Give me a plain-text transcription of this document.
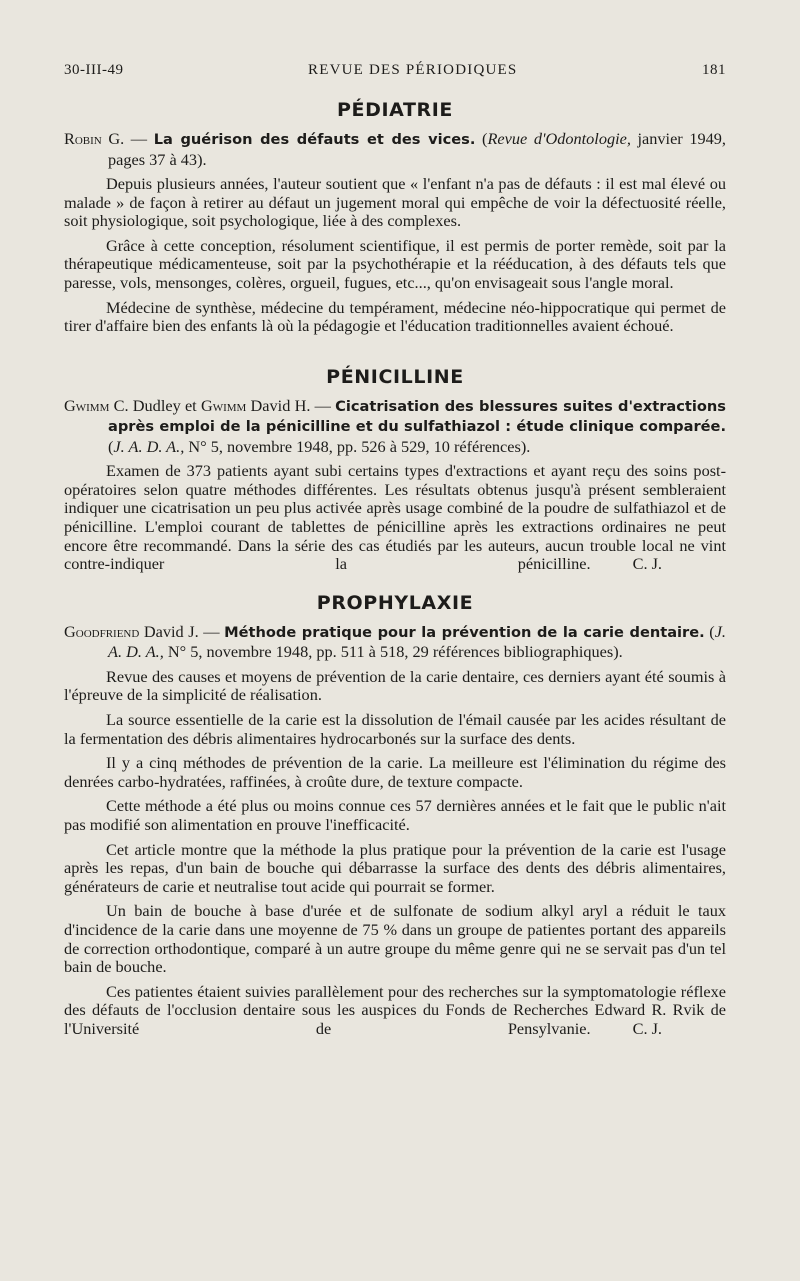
30-III-49	REVUE DES PÉRIODIQUES	181
PÉDIATRIE

Robin G. — La guérison des défauts et des vices. (Revue d'Odontologie, janvier 1949, pages 37 à 43).

Depuis plusieurs années, l'auteur soutient que « l'enfant n'a pas de défauts : il est mal élevé ou malade » de façon à retirer au défaut un jugement moral qui empêche de voir la défectuosité réelle, soit physiologique, soit psychologique, liée à des complexes.

Grâce à cette conception, résolument scientifique, il est permis de porter remède, soit par la thérapeutique médicamenteuse, soit par la psychothérapie et la rééducation, à des défauts tels que paresse, vols, mensonges, colères, orgueil, fugues, etc..., qu'on envisageait sous l'angle moral.

Médecine de synthèse, médecine du tempérament, médecine néo-hippocratique qui permet de tirer d'affaire bien des enfants là où la pédagogie et l'éducation traditionnelles avaient échoué.

PÉNICILLINE

Gwimm C. Dudley et Gwimm David H. — Cicatrisation des blessures suites d'extractions après emploi de la pénicilline et du sulfathiazol : étude clinique comparée. (J. A. D. A., N° 5, novembre 1948, pp. 526 à 529, 10 références).

Examen de 373 patients ayant subi certains types d'extractions et ayant reçu des soins post-opératoires selon quatre méthodes différentes. Les résultats obtenus jusqu'à présent sembleraient indiquer une cicatrisation un peu plus activée après usage combiné de la poudre de sulfathiazol et de pénicilline. L'emploi courant de tablettes de pénicilline après les extractions ordinaires ne peut encore être recommandé. Dans la série des cas étudiés par les auteurs, aucun trouble local ne vint contre-indiquer la pénicilline.	C. J.

PROPHYLAXIE

Goodfriend David J. — Méthode pratique pour la prévention de la carie dentaire. (J. A. D. A., N° 5, novembre 1948, pp. 511 à 518, 29 références bibliographiques).

Revue des causes et moyens de prévention de la carie dentaire, ces derniers ayant été soumis à l'épreuve de la simplicité de réalisation.

La source essentielle de la carie est la dissolution de l'émail causée par les acides résultant de la fermentation des débris alimentaires hydrocarbonés sur la surface des dents.

Il y a cinq méthodes de prévention de la carie. La meilleure est l'élimination du régime des denrées carbo-hydratées, raffinées, à croûte dure, de texture compacte.

Cette méthode a été plus ou moins connue ces 57 dernières années et le fait que le public n'ait pas modifié son alimentation en prouve l'inefficacité.

Cet article montre que la méthode la plus pratique pour la prévention de la carie est l'usage après les repas, d'un bain de bouche qui débarrasse la surface des dents des débris alimentaires, générateurs de carie et neutralise tout acide qui pourrait se former.

Un bain de bouche à base d'urée et de sulfonate de sodium alkyl aryl a réduit le taux d'incidence de la carie dans une moyenne de 75 % dans un groupe de patientes portant des appareils de correction orthodontique, comparé à un autre groupe du même genre qui ne se servait pas d'un tel bain de bouche.

Ces patientes étaient suivies parallèlement pour des recherches sur la symptomatologie réflexe des défauts de l'occlusion dentaire sous les auspices du Fonds de Recherches Edward R. Rvik de l'Université de Pensylvanie.	C. J.
